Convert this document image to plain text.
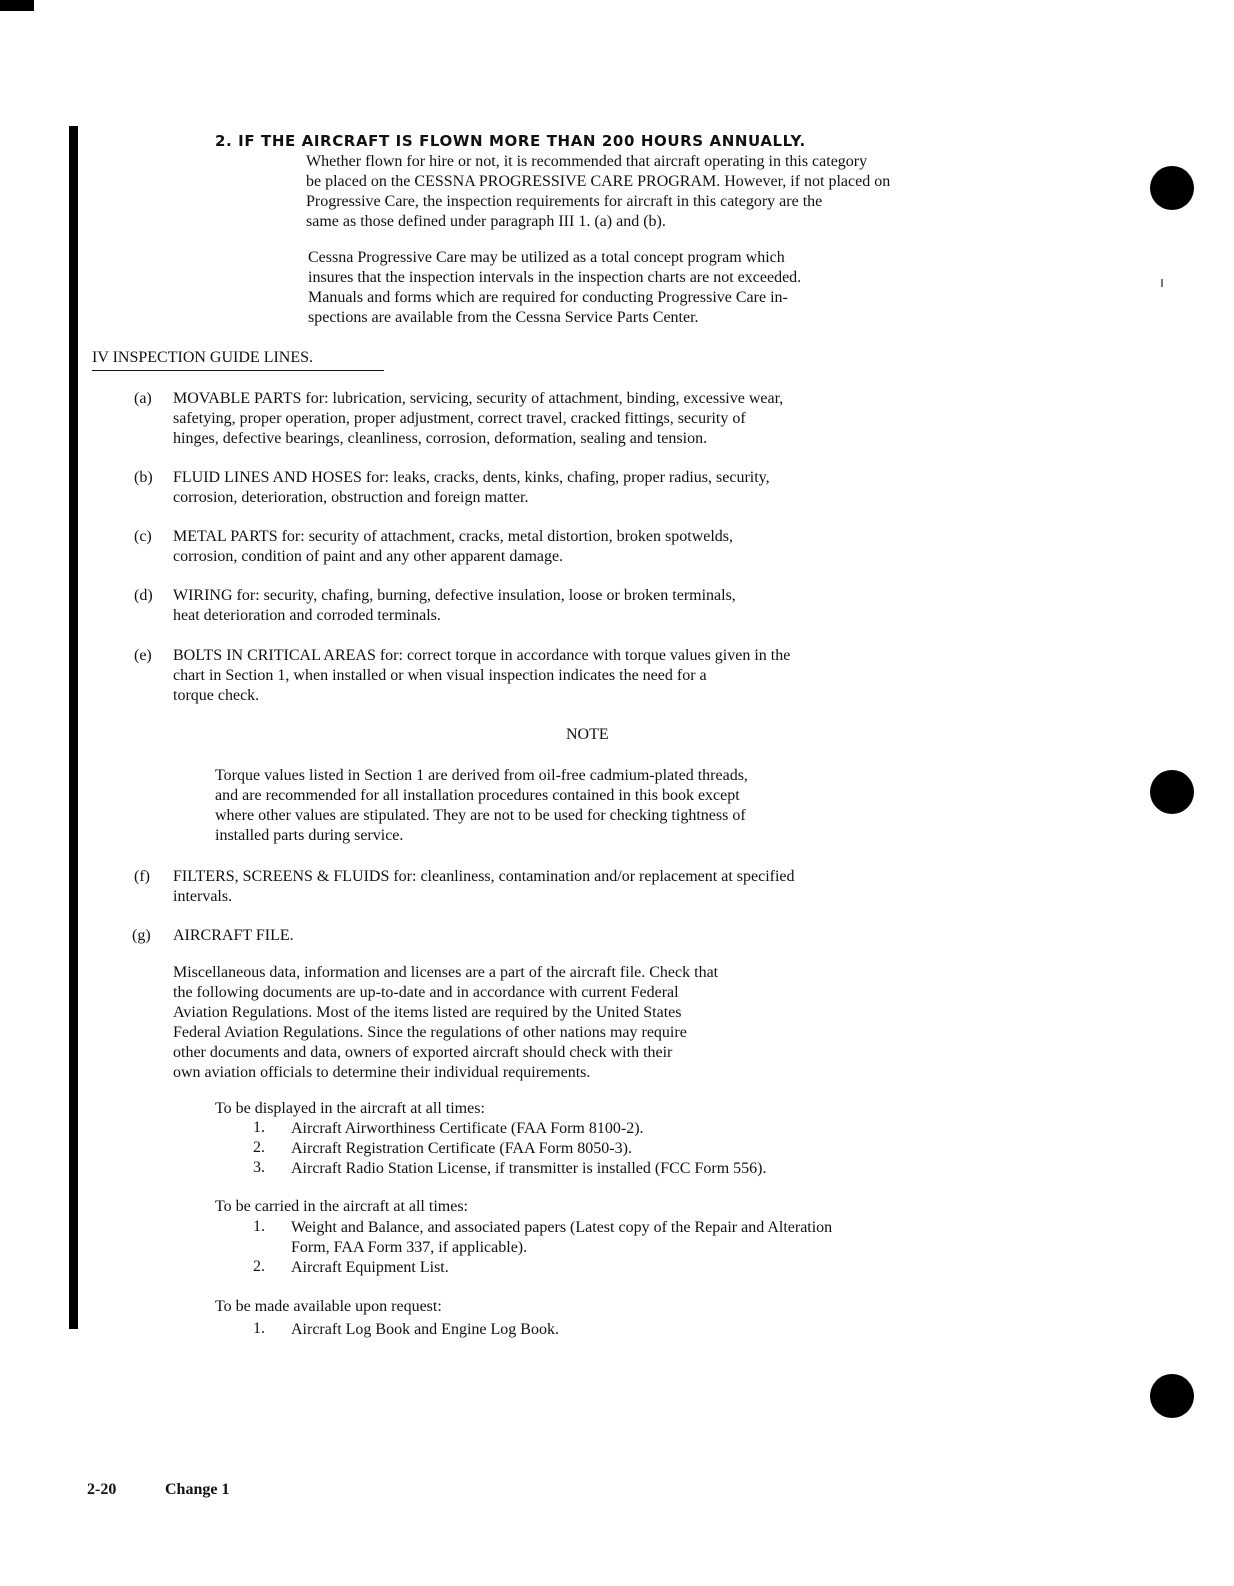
2. IF THE AIRCRAFT IS FLOWN MORE THAN 200 HOURS ANNUALLY.

Whether flown for hire or not, it is recommended that aircraft operating in this category

be placed on the CESSNA PROGRESSIVE CARE PROGRAM. However, if not placed on

Progressive Care, the inspection requirements for aircraft in this category are the

same as those defined under paragraph III 1. (a) and (b).

Cessna Progressive Care may be utilized as a total concept program which

insures that the inspection intervals in the inspection charts are not exceeded.

Manuals and forms which are required for conducting Progressive Care in-

spections are available from the Cessna Service Parts Center.

IV INSPECTION GUIDE LINES.
(a) MOVABLE PARTS for: lubrication, servicing, security of attachment, binding, excessive wear,

safetying, proper operation, proper adjustment, correct travel, cracked fittings, security of

hinges, defective bearings, cleanliness, corrosion, deformation, sealing and tension.

(b) FLUID LINES AND HOSES for: leaks, cracks, dents, kinks, chafing, proper radius, security,

corrosion, deterioration, obstruction and foreign matter.

(c) METAL PARTS for: security of attachment, cracks, metal distortion, broken spotwelds,

corrosion, condition of paint and any other apparent damage.

(d) WIRING for: security, chafing, burning, defective insulation, loose or broken terminals,

heat deterioration and corroded terminals.

(e) BOLTS IN CRITICAL AREAS for: correct torque in accordance with torque values given in the

chart in Section 1, when installed or when visual inspection indicates the need for a

torque check.

NOTE

Torque values listed in Section 1 are derived from oil-free cadmium-plated threads,

and are recommended for all installation procedures contained in this book except

where other values are stipulated. They are not to be used for checking tightness of

installed parts during service.

(f) FILTERS, SCREENS & FLUIDS for: cleanliness, contamination and/or replacement at specified

intervals.

(g) AIRCRAFT FILE.

Miscellaneous data, information and licenses are a part of the aircraft file. Check that

the following documents are up-to-date and in accordance with current Federal

Aviation Regulations. Most of the items listed are required by the United States

Federal Aviation Regulations. Since the regulations of other nations may require

other documents and data, owners of exported aircraft should check with their

own aviation officials to determine their individual requirements.

To be displayed in the aircraft at all times:
1. Aircraft Airworthiness Certificate (FAA Form 8100-2).
2. Aircraft Registration Certificate (FAA Form 8050-3).
3. Aircraft Radio Station License, if transmitter is installed (FCC Form 556).
To be carried in the aircraft at all times:
1. Weight and Balance, and associated papers (Latest copy of the Repair and Alteration
Form, FAA Form 337, if applicable).
2. Aircraft Equipment List.
To be made available upon request:
1. Aircraft Log Book and Engine Log Book.
2-20	Change 1
